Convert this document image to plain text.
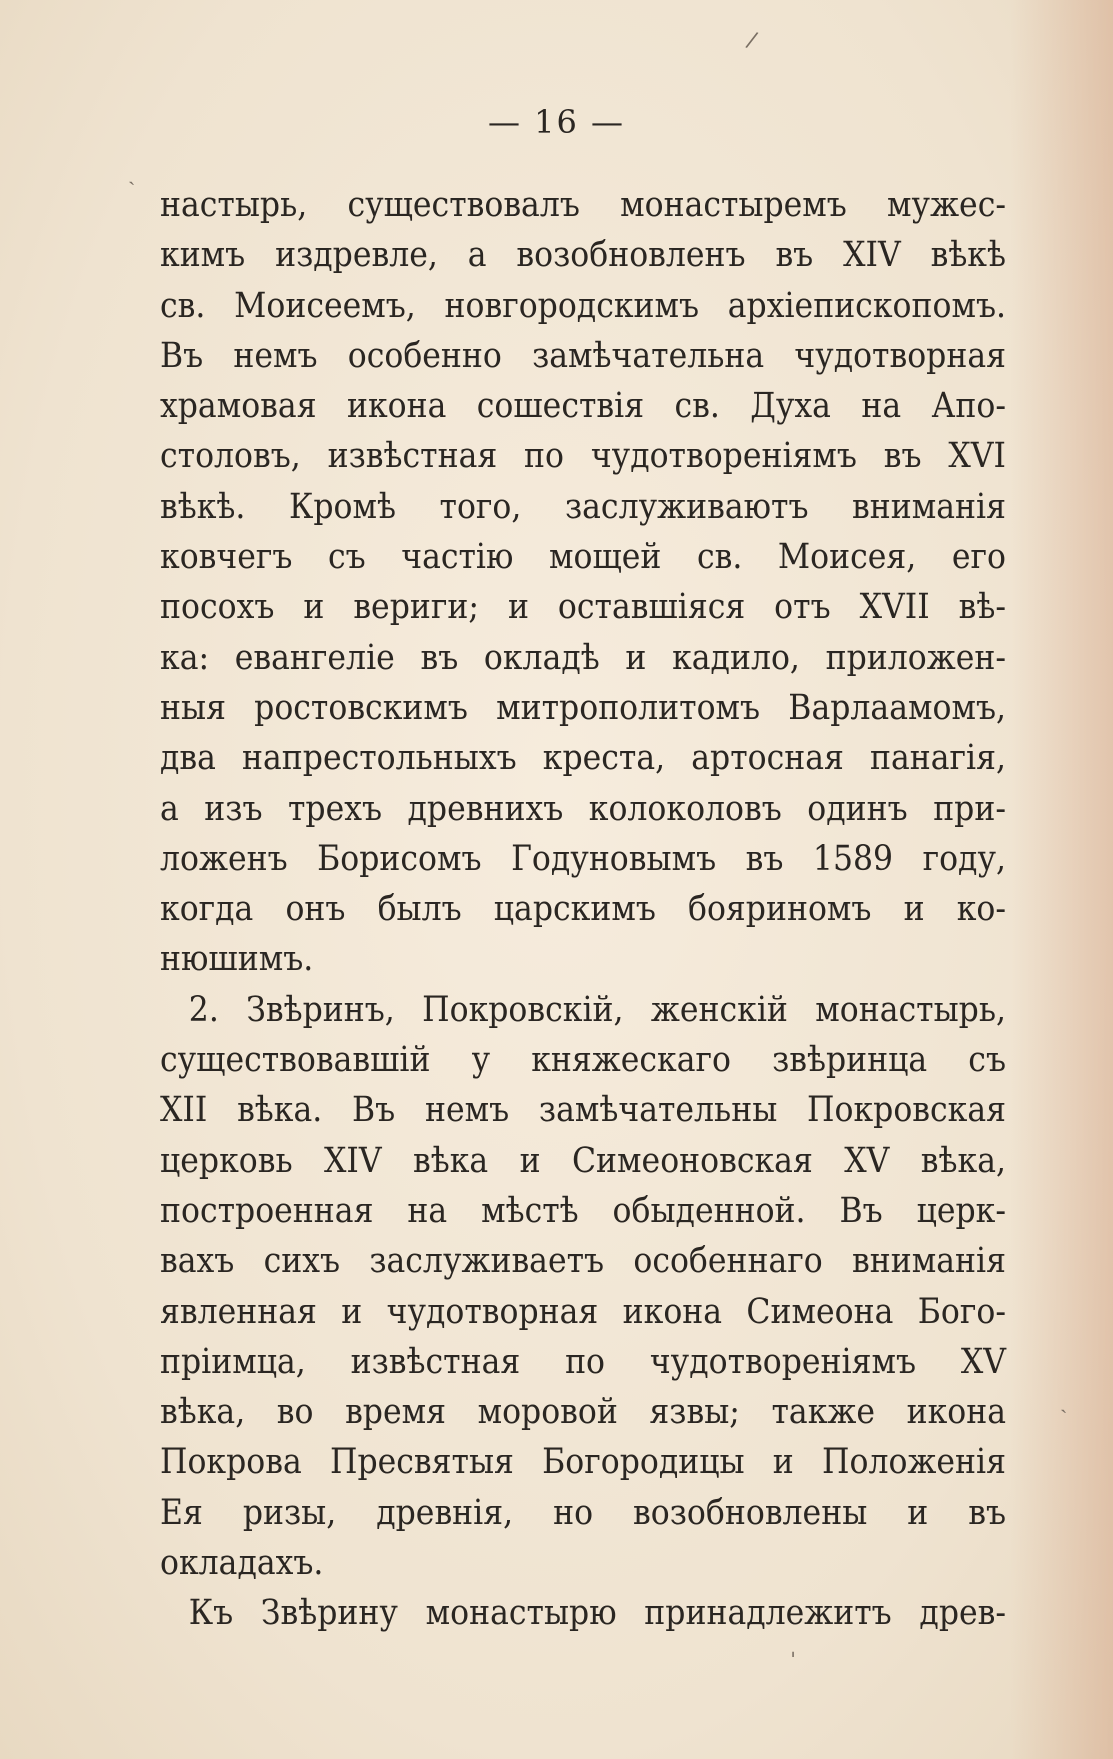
— 16 —
настырь, существовалъ монастыремъ мужес-
кимъ издревле, а возобновленъ въ XIV вѣкѣ
св. Моисеемъ, новгородскимъ архіепископомъ.
Въ немъ особенно замѣчательна чудотворная
храмовая икона сошествія св. Духа на Апо-
столовъ, извѣстная по чудотвореніямъ въ XVI
вѣкѣ. Кромѣ того, заслуживаютъ вниманія
ковчегъ съ частію мощей св. Моисея, его
посохъ и вериги; и оставшіяся отъ XVII вѣ-
ка: евангеліе въ окладѣ и кадило, приложен-
ныя ростовскимъ митрополитомъ Варлаамомъ,
два напрестольныхъ креста, артосная панагія,
а изъ трехъ древнихъ колоколовъ одинъ при-
ложенъ Борисомъ Годуновымъ въ 1589 году,
когда онъ былъ царскимъ бояриномъ и ко-
нюшимъ.
2. Звѣринъ, Покровскій, женскій монастырь,
существовавшій у княжескаго звѣринца съ
XII вѣка. Въ немъ замѣчательны Покровская
церковь XIV вѣка и Симеоновская XV вѣка,
построенная на мѣстѣ обыденной. Въ церк-
вахъ сихъ заслуживаетъ особеннаго вниманія
явленная и чудотворная икона Симеона Бого-
пріимца, извѣстная по чудотвореніямъ XV
вѣка, во время моровой язвы; также икона
Покрова Пресвятыя Богородицы и Положенія
Ея ризы, древнія, но возобновлены и въ
окладахъ.
Къ Звѣрину монастырю принадлежитъ древ-
/
ˎ
ˏ
ˈ
